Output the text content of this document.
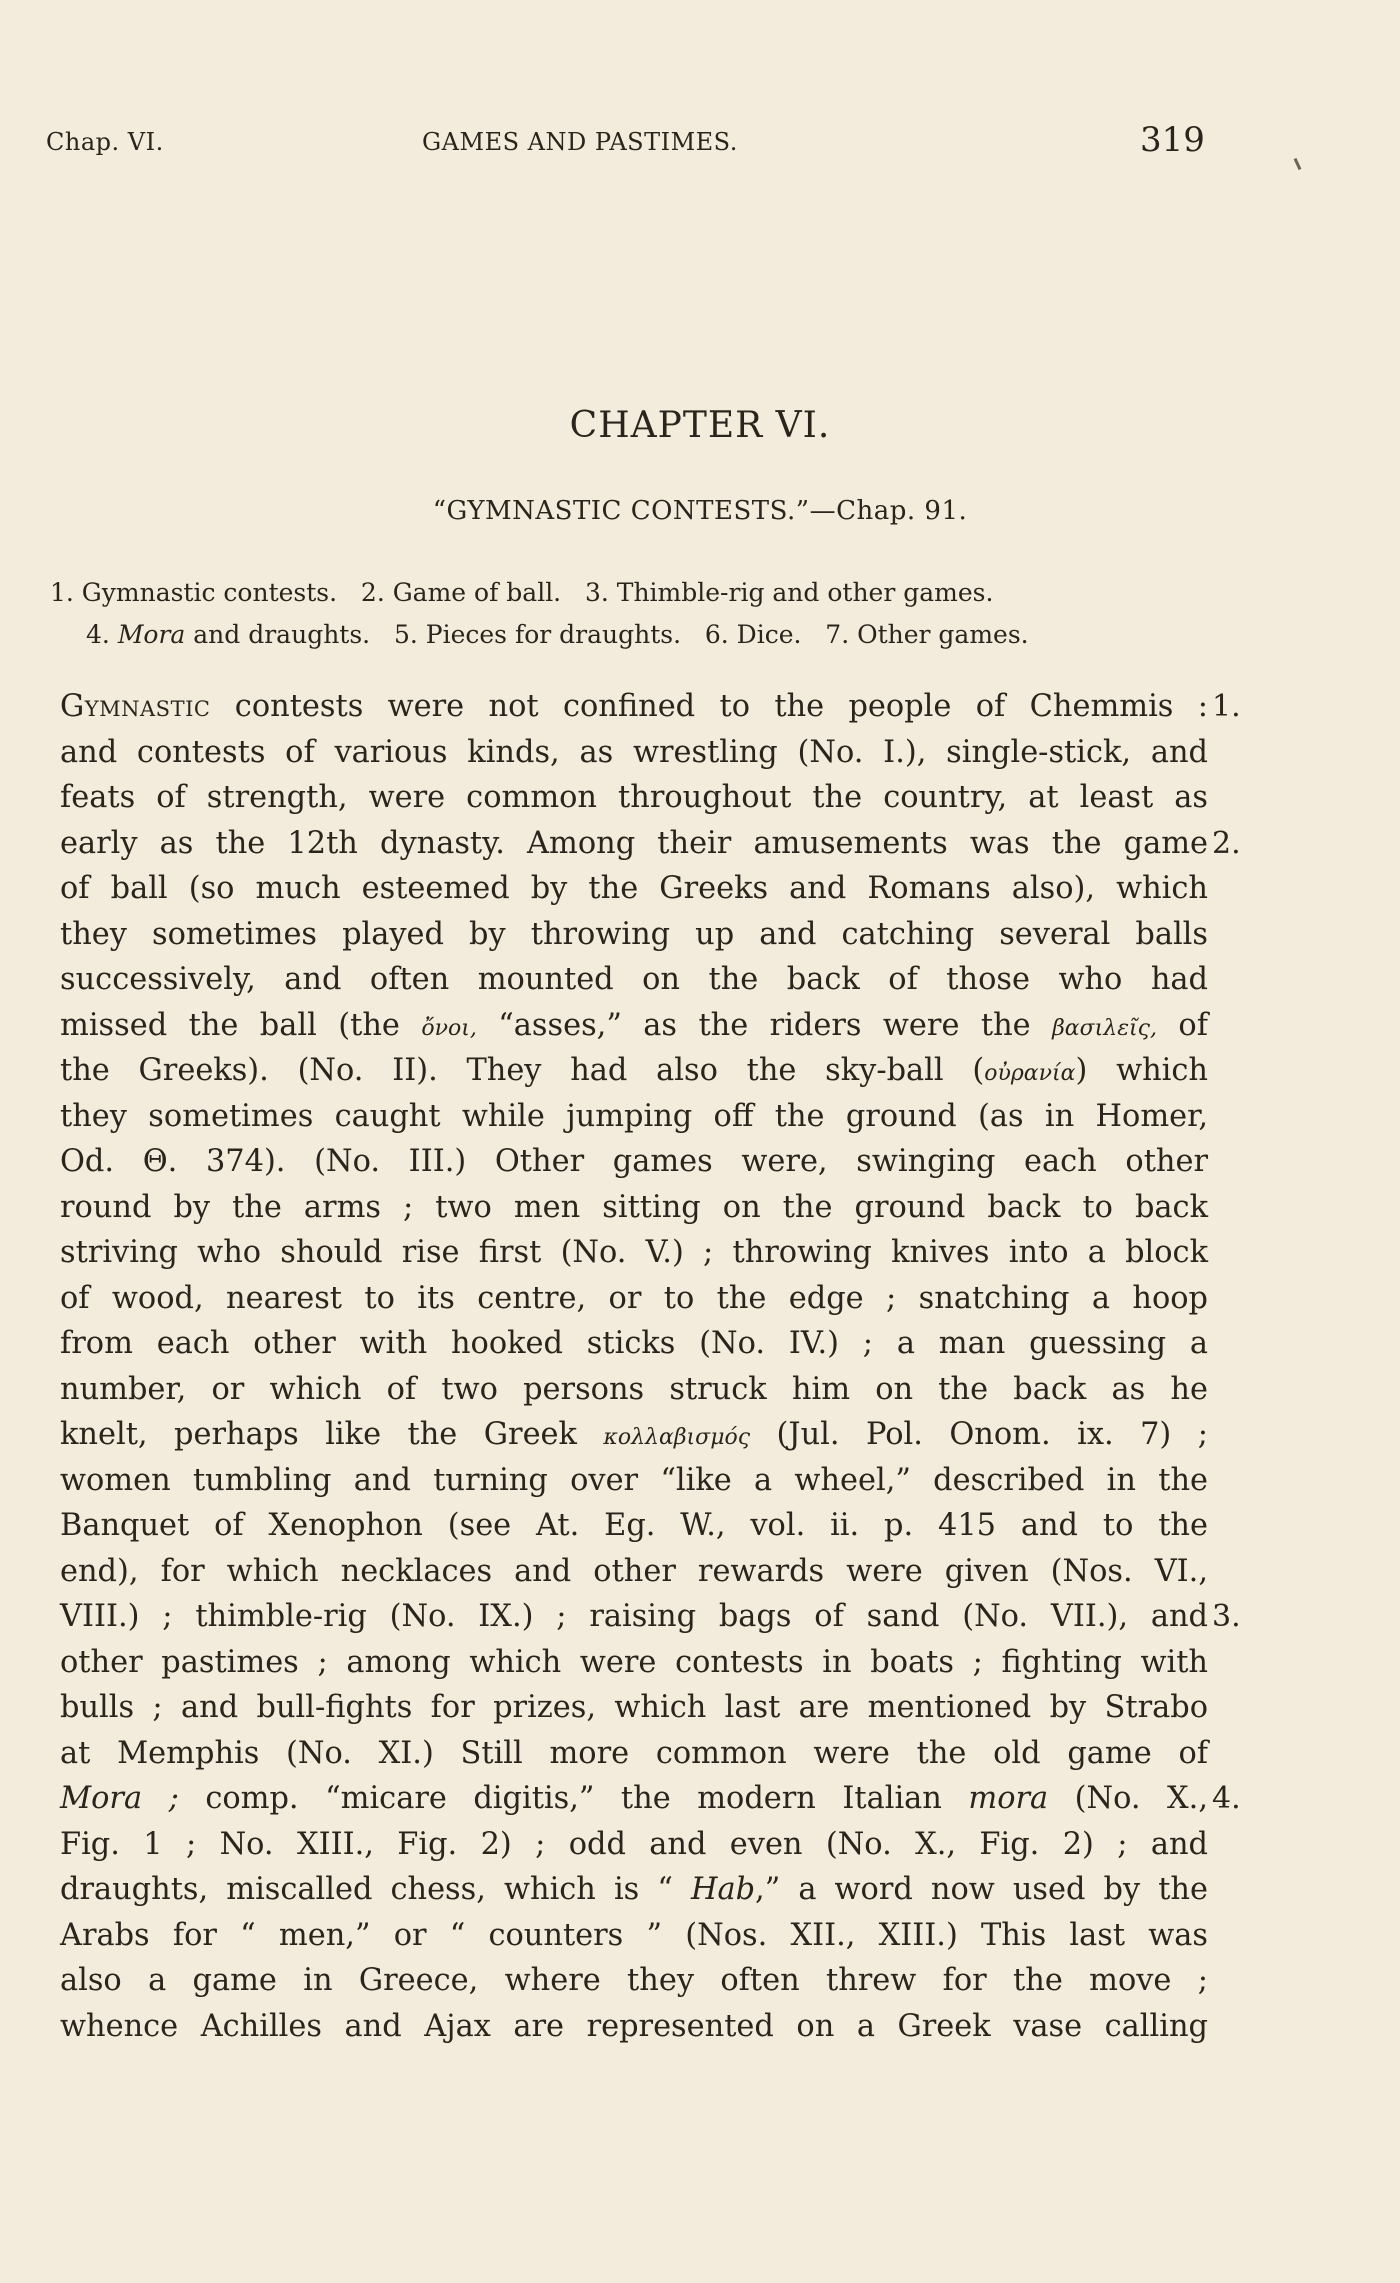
Chap. VI.	GAMES AND PASTIMES.	319
CHAPTER VI.
“GYMNASTIC CONTESTS.”—Chap. 91.
1. Gymnastic contests.   2. Game of ball.   3. Thimble-rig and other games.
4. Mora and draughts.   5. Pieces for draughts.   6. Dice.   7. Other games.
Gymnastic contests were not confined to the people of Chemmis : 1.
and contests of various kinds, as wrestling (No. I.), single-stick, and
feats of strength, were common throughout the country, at least as
early as the 12th dynasty. Among their amusements was the game 2.
of ball (so much esteemed by the Greeks and Romans also), which
they sometimes played by throwing up and catching several balls
successively, and often mounted on the back of those who had
missed the ball (the ὄνοι, “asses,” as the riders were the βασιλεῖς, of
the Greeks). (No. II). They had also the sky-ball (οὐρανία) which
they sometimes caught while jumping off the ground (as in Homer,
Od. Θ. 374). (No. III.) Other games were, swinging each other
round by the arms ; two men sitting on the ground back to back
striving who should rise first (No. V.) ; throwing knives into a block
of wood, nearest to its centre, or to the edge ; snatching a hoop
from each other with hooked sticks (No. IV.) ; a man guessing a
number, or which of two persons struck him on the back as he
knelt, perhaps like the Greek κολλαβισμός (Jul. Pol. Onom. ix. 7) ;
women tumbling and turning over “like a wheel,” described in the
Banquet of Xenophon (see At. Eg. W., vol. ii. p. 415 and to the
end), for which necklaces and other rewards were given (Nos. VI.,
VIII.) ; thimble-rig (No. IX.) ; raising bags of sand (No. VII.), and 3.
other pastimes ; among which were contests in boats ; fighting with
bulls ; and bull-fights for prizes, which last are mentioned by Strabo
at Memphis (No. XI.) Still more common were the old game of
Mora ; comp. “micare digitis,” the modern Italian mora (No. X., 4.
Fig. 1 ; No. XIII., Fig. 2) ; odd and even (No. X., Fig. 2) ; and
draughts, miscalled chess, which is “ Hab,” a word now used by the
Arabs for “ men,” or “ counters ” (Nos. XII., XIII.) This last was
also a game in Greece, where they often threw for the move ;
whence Achilles and Ajax are represented on a Greek vase calling
